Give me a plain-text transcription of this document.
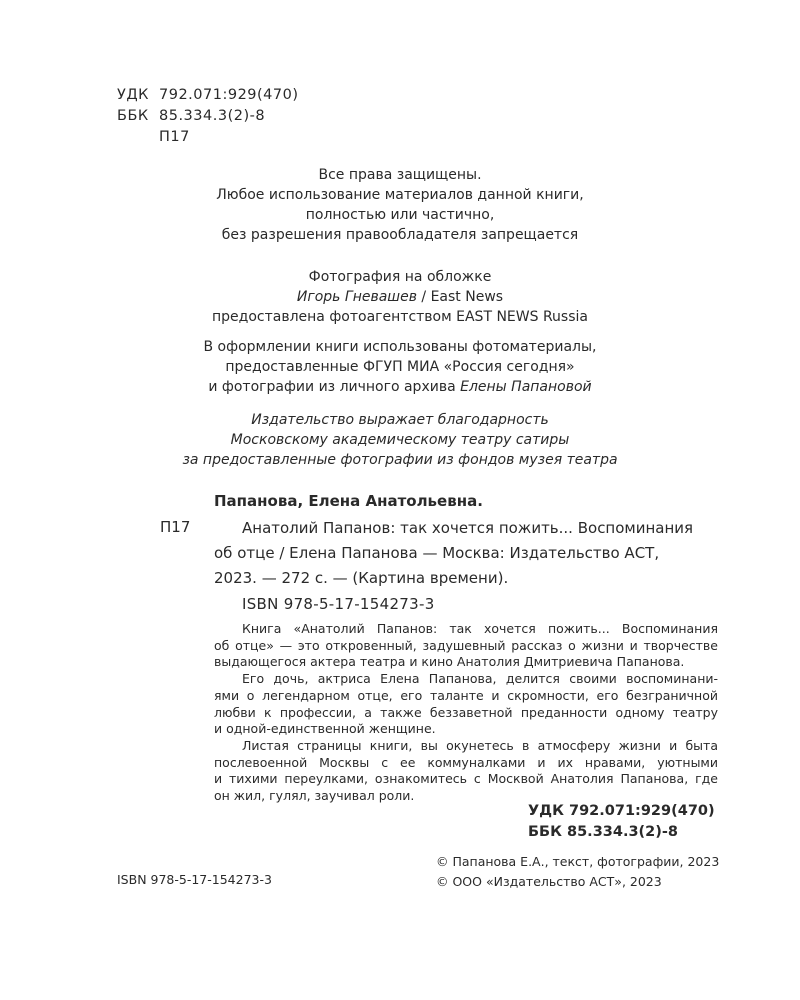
УДК 792.071:929(470)
ББК 85.334.3(2)-8
П17
Все права защищены.
Любое использование материалов данной книги,
полностью или частично,
без разрешения правообладателя запрещается
Фотография на обложке
Игорь Гневашев / East News
предоставлена фотоагентством EAST NEWS Russia
В оформлении книги использованы фотоматериалы,
предоставленные ФГУП МИА «Россия сегодня»
и фотографии из личного архива Елены Папановой
Издательство выражает благодарность
Московскому академическому театру сатиры
за предоставленные фотографии из фондов музея театра
Папанова, Елена Анатольевна.
П17	Анатолий Папанов: так хочется пожить... Воспоминания
об отце / Елена Папанова — Москва: Издательство АСТ,
2023. — 272 с. — (Картина времени).
ISBN 978-5-17-154273-3
Книга «Анатолий Папанов: так хочется пожить... Воспоминания
об отце» — это откровенный, задушевный рассказ о жизни и творчестве
выдающегося актера театра и кино Анатолия Дмитриевича Папанова.
Его дочь, актриса Елена Папанова, делится своими воспоминани-
ями о легендарном отце, его таланте и скромности, его безграничной
любви к профессии, а также беззаветной преданности одному театру
и одной-единственной женщине.
Листая страницы книги, вы окунетесь в атмосферу жизни и быта
послевоенной Москвы с ее коммуналками и их нравами, уютными
и тихими переулками, ознакомитесь с Москвой Анатолия Папанова, где
он жил, гулял, заучивал роли.
УДК 792.071:929(470)
ББК 85.334.3(2)-8
© Папанова Е.А., текст, фотографии, 2023
© ООО «Издательство АСТ», 2023
ISBN 978-5-17-154273-3
